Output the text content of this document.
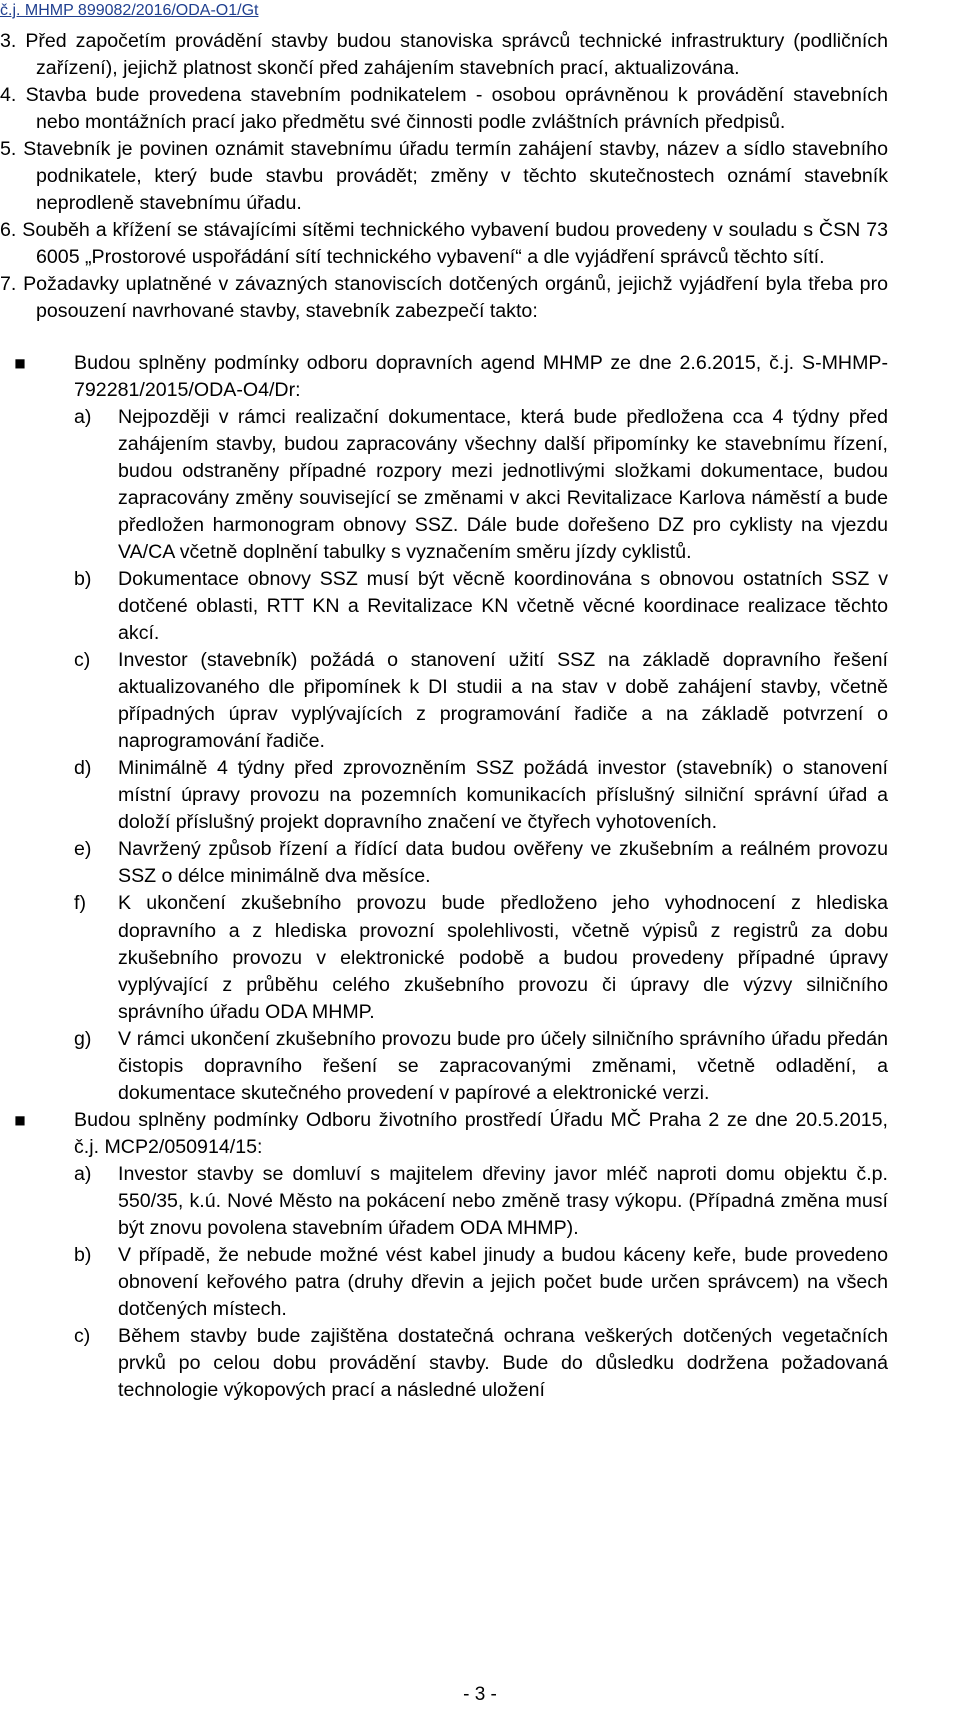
č.j. MHMP 899082/2016/ODA-O1/Gt

3. Před započetím provádění stavby budou stanoviska správců technické infrastruktury (podličních zařízení), jejichž platnost skončí před zahájením stavebních prací, aktualizována.

4. Stavba bude provedena stavebním podnikatelem - osobou oprávněnou k provádění stavebních nebo montážních prací jako předmětu své činnosti podle zvláštních právních předpisů.

5. Stavebník je povinen oznámit stavebnímu úřadu termín zahájení stavby, název a sídlo stavebního podnikatele, který bude stavbu provádět; změny v těchto skutečnostech oznámí stavebník neprodleně stavebnímu úřadu.

6. Souběh a křížení se stávajícími sítěmi technického vybavení budou provedeny v souladu s ČSN 73 6005 „Prostorové uspořádání sítí technického vybavení“ a dle vyjádření správců těchto sítí.

7. Požadavky uplatněné v závazných stanoviscích dotčených orgánů, jejichž vyjádření byla třeba pro posouzení navrhované stavby, stavebník zabezpečí takto:

■	Budou splněny podmínky odboru dopravních agend MHMP ze dne 2.6.2015, č.j. S-MHMP-792281/2015/ODA-O4/Dr:

a) Nejpozději v rámci realizační dokumentace, která bude předložena cca 4 týdny před zahájením stavby, budou zapracovány všechny další připomínky ke stavebnímu řízení, budou odstraněny případné rozpory mezi jednotlivými složkami dokumentace, budou zapracovány změny související se změnami v akci Revitalizace Karlova náměstí a bude předložen harmonogram obnovy SSZ. Dále bude dořešeno DZ pro cyklisty na vjezdu VA/CA včetně doplnění tabulky s vyznačením směru jízdy cyklistů.

b) Dokumentace obnovy SSZ musí být věcně koordinována s obnovou ostatních SSZ v dotčené oblasti, RTT KN a Revitalizace KN včetně věcné koordinace realizace těchto akcí.

c) Investor (stavebník) požádá o stanovení užití SSZ na základě dopravního řešení aktualizovaného dle připomínek k DI studii a na stav v době zahájení stavby, včetně případných úprav vyplývajících z programování řadiče a na základě potvrzení o naprogramování řadiče.

d) Minimálně 4 týdny před zprovozněním SSZ požádá investor (stavebník) o stanovení místní úpravy provozu na pozemních komunikacích příslušný silniční správní úřad a doloží příslušný projekt dopravního značení ve čtyřech vyhotoveních.

e) Navržený způsob řízení a řídící data budou ověřeny ve zkušebním a reálném provozu SSZ o délce minimálně dva měsíce.

f) K ukončení zkušebního provozu bude předloženo jeho vyhodnocení z hlediska dopravního a z hlediska provozní spolehlivosti, včetně výpisů z registrů za dobu zkušebního provozu v elektronické podobě a budou provedeny případné úpravy vyplývající z průběhu celého zkušebního provozu či úpravy dle výzvy silničního správního úřadu ODA MHMP.

g) V rámci ukončení zkušebního provozu bude pro účely silničního správního úřadu předán čistopis dopravního řešení se zapracovanými změnami, včetně odladění, a dokumentace skutečného provedení v papírové a elektronické verzi.

■	Budou splněny podmínky Odboru životního prostředí Úřadu MČ Praha 2 ze dne 20.5.2015, č.j. MCP2/050914/15:

a) Investor stavby se domluví s majitelem dřeviny javor mléč naproti domu objektu č.p. 550/35, k.ú. Nové Město na pokácení nebo změně trasy výkopu. (Případná změna musí být znovu povolena stavebním úřadem ODA MHMP).

b) V případě, že nebude možné vést kabel jinudy a budou káceny keře, bude provedeno obnovení keřového patra (druhy dřevin a jejich počet bude určen správcem) na všech dotčených místech.

c) Během stavby bude zajištěna dostatečná ochrana veškerých dotčených vegetačních prvků po celou dobu provádění stavby. Bude do důsledku dodržena požadovaná technologie výkopových prací a následné uložení

- 3 -
